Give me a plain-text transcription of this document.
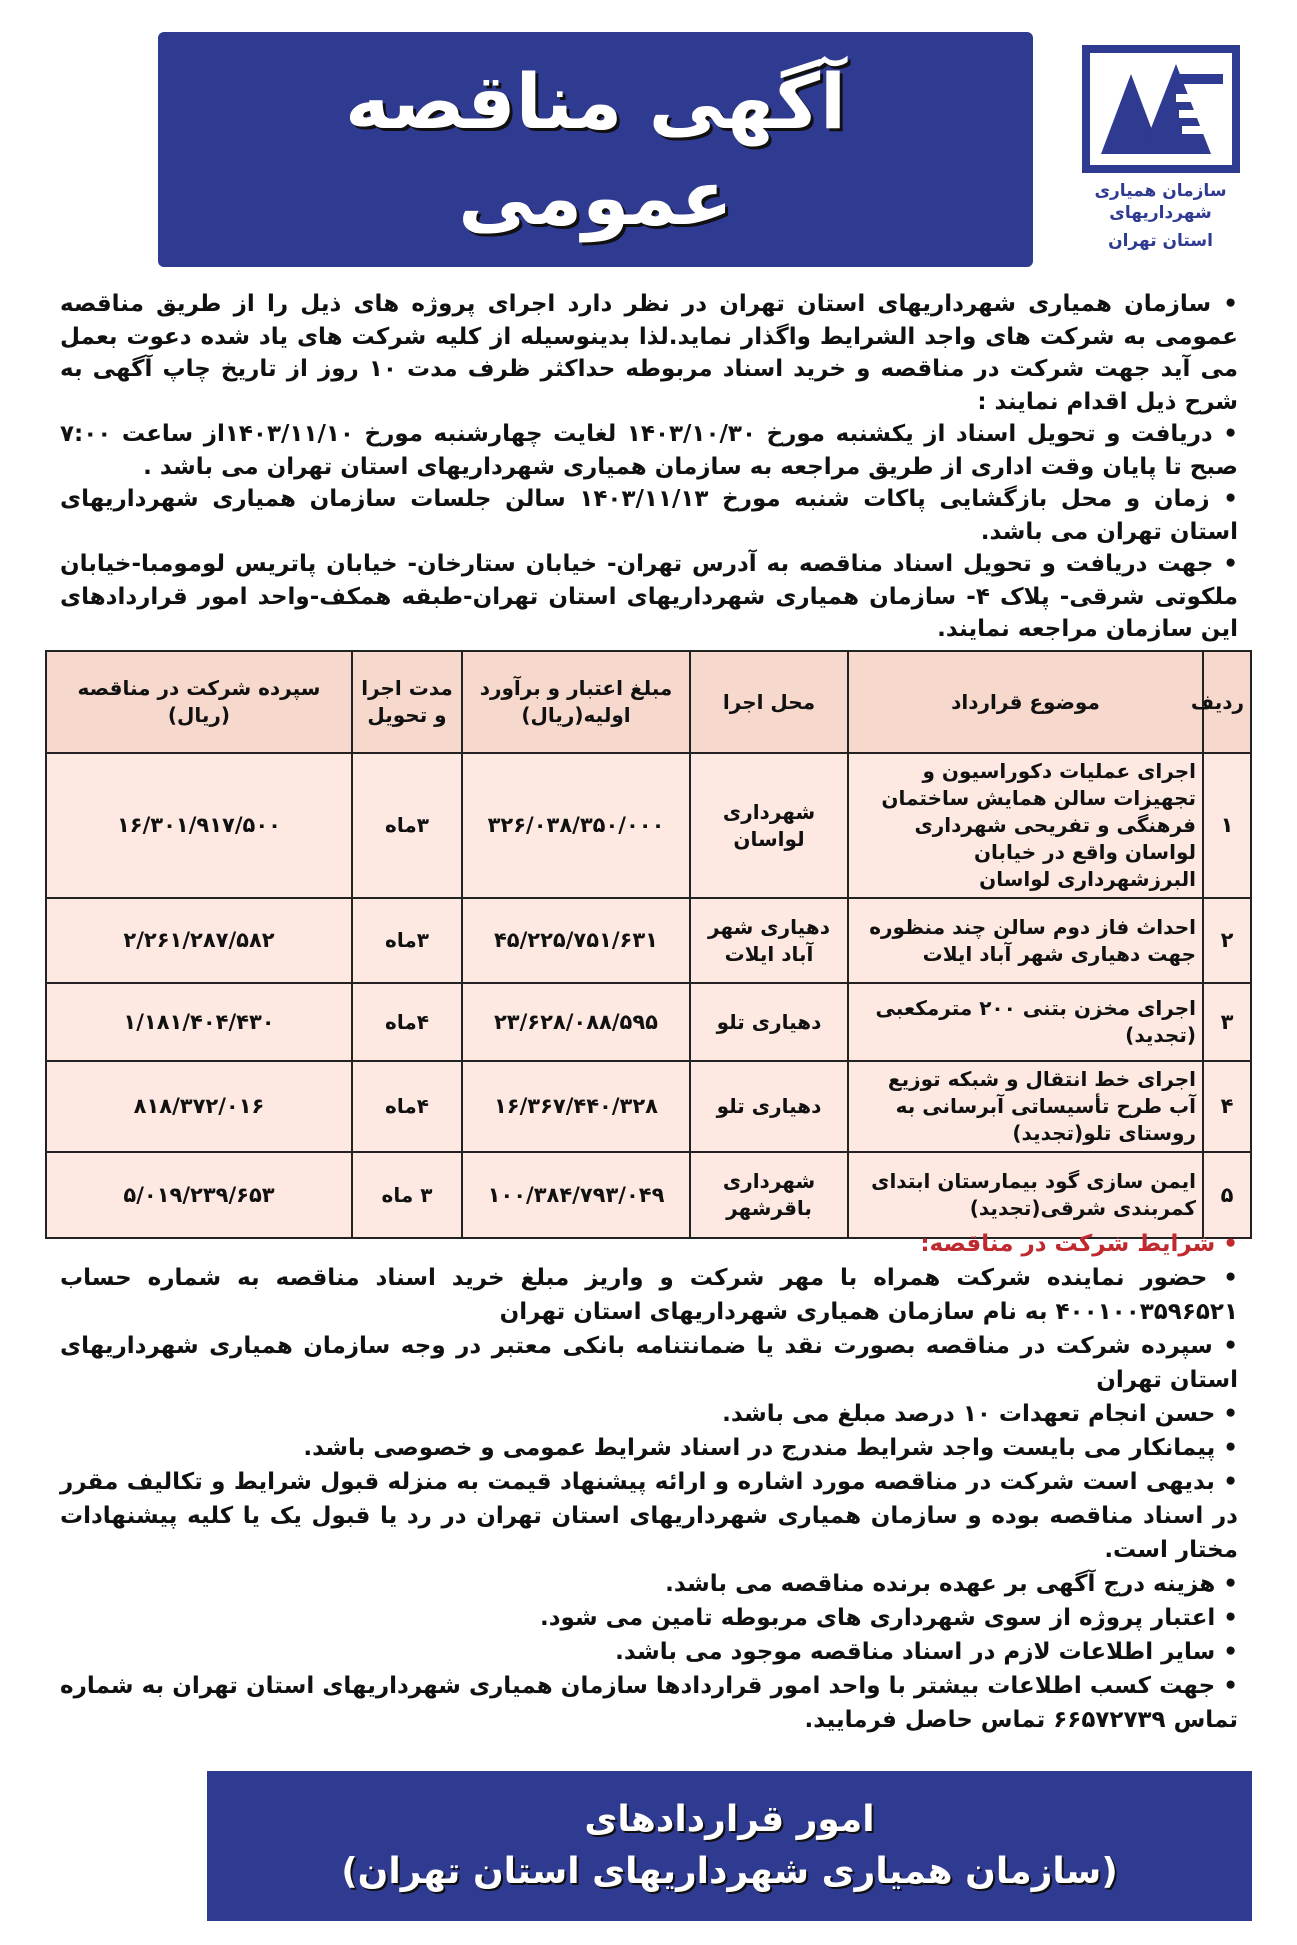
آگهی مناقصه
عمومی	سازمان همیاری شهرداریهای
استان تهران

• سازمان همیاری شهرداریهای استان تهران در نظر دارد اجرای پروژه های ذیل را از طریق مناقصه عمومی به شرکت های واجد الشرایط واگذار نماید.لذا بدینوسیله از کلیه شرکت های یاد شده دعوت بعمل می آید جهت شرکت در مناقصه و خرید اسناد مربوطه حداکثر ظرف مدت ۱۰ روز از تاریخ چاپ آگهی به شرح ذیل اقدام نمایند :

• دریافت و تحویل اسناد از یکشنبه مورخ ۱۴۰۳/۱۰/۳۰ لغایت چهارشنبه مورخ ۱۴۰۳/۱۱/۱۰از ساعت ۷:۰۰ صبح تا پایان وقت اداری از طریق مراجعه به سازمان همیاری شهرداریهای استان تهران می باشد .

• زمان و محل بازگشایی پاکات شنبه مورخ ۱۴۰۳/۱۱/۱۳ سالن جلسات سازمان همیاری شهرداریهای استان تهران می باشد.

• جهت دریافت و تحویل اسناد مناقصه به آدرس تهران- خیابان ستارخان- خیابان پاتریس لومومبا-خیابان ملکوتی شرقی- پلاک ۴- سازمان همیاری شهرداریهای استان تهران-طبقه همکف-واحد امور قراردادهای این سازمان مراجعه نمایند.

ردیف	موضوع قرارداد	محل اجرا	مبلغ اعتبار و برآورد اولیه(ریال)	مدت اجرا و تحویل	سپرده شرکت در مناقصه (ریال)
۱	اجرای عملیات دکوراسیون و تجهیزات سالن همایش ساختمان فرهنگی و تفریحی شهرداری لواسان واقع در خیابان البرزشهرداری لواسان	شهرداری لواسان	۳۲۶/۰۳۸/۳۵۰/۰۰۰	۳ماه	۱۶/۳۰۱/۹۱۷/۵۰۰
۲	احداث فاز دوم سالن چند منظوره جهت دهیاری شهر آباد ایلات	دهیاری شهر آباد ایلات	۴۵/۲۲۵/۷۵۱/۶۳۱	۳ماه	۲/۲۶۱/۲۸۷/۵۸۲
۳	اجرای مخزن بتنی ۲۰۰ مترمکعبی (تجدید)	دهیاری تلو	۲۳/۶۲۸/۰۸۸/۵۹۵	۴ماه	۱/۱۸۱/۴۰۴/۴۳۰
۴	اجرای خط انتقال و شبکه توزیع آب طرح تأسیساتی آبرسانی به روستای تلو(تجدید)	دهیاری تلو	۱۶/۳۶۷/۴۴۰/۳۲۸	۴ماه	۸۱۸/۳۷۲/۰۱۶
۵	ایمن سازی گود بیمارستان ابتدای کمربندی شرقی(تجدید)	شهرداری باقرشهر	۱۰۰/۳۸۴/۷۹۳/۰۴۹	۳ ماه	۵/۰۱۹/۲۳۹/۶۵۳

• شرایط شرکت در مناقصه:

• حضور نماینده شرکت همراه با مهر شرکت و واریز مبلغ خرید اسناد مناقصه به شماره حساب ۴۰۰۱۰۰۳۵۹۶۵۲۱ به نام سازمان همیاری شهرداریهای استان تهران

• سپرده شرکت در مناقصه بصورت نقد یا ضمانتنامه بانکی معتبر در وجه سازمان همیاری شهرداریهای استان تهران

• حسن انجام تعهدات ۱۰ درصد مبلغ می باشد.

• پیمانکار می بایست واجد شرایط مندرج در اسناد شرایط عمومی و خصوصی باشد.

• بدیهی است شرکت در مناقصه مورد اشاره و ارائه پیشنهاد قیمت به منزله قبول شرایط و تکالیف مقرر در اسناد مناقصه بوده و سازمان همیاری شهرداریهای استان تهران در رد یا قبول یک یا کلیه پیشنهادات مختار است.

• هزینه درج آگهی بر عهده برنده مناقصه می باشد.

• اعتبار پروژه از سوی شهرداری های مربوطه تامین می شود.

• سایر اطلاعات لازم در اسناد مناقصه موجود می باشد.

• جهت کسب اطلاعات بیشتر با واحد امور قراردادها سازمان همیاری شهرداریهای استان تهران به شماره تماس ۶۶۵۷۲۷۳۹ تماس حاصل فرمایید.

امور قراردادهای
(سازمان همیاری شهرداریهای استان تهران)
